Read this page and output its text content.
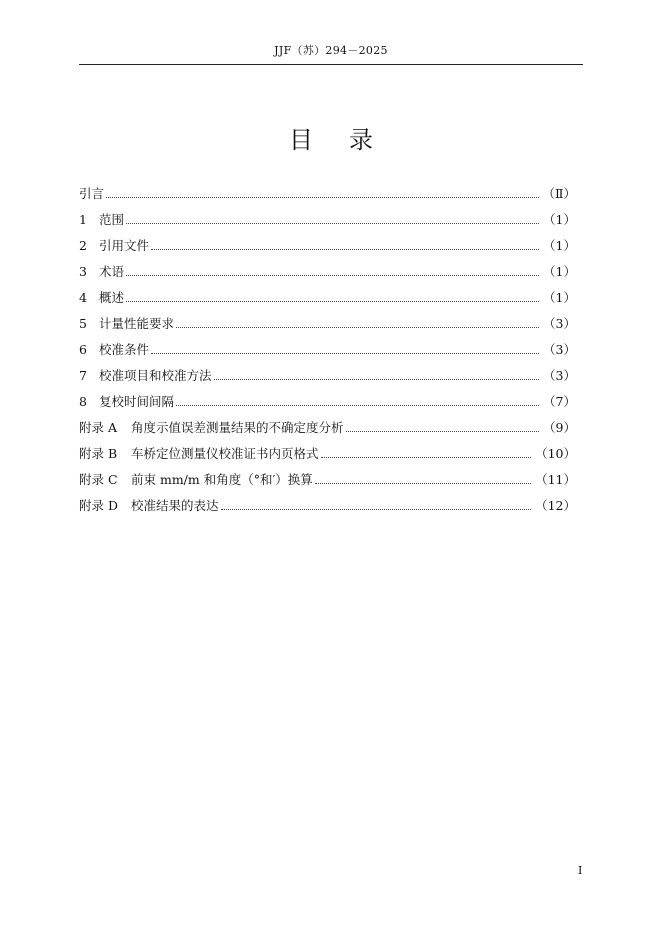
JJF（苏）294－2025
目录
引言	（Ⅱ）
1 范围	（1）
2 引用文件	（1）
3 术语	（1）
4 概述	（1）
5 计量性能要求	（3）
6 校准条件	（3）
7 校准项目和校准方法	（3）
8 复校时间间隔	（7）
附录 A	角度示值误差测量结果的不确定度分析	（9）
附录 B	车桥定位测量仪校准证书内页格式	（10）
附录 C	前束 mm/m 和角度（°和′）换算	（11）
附录 D	校准结果的表达	（12）
I
